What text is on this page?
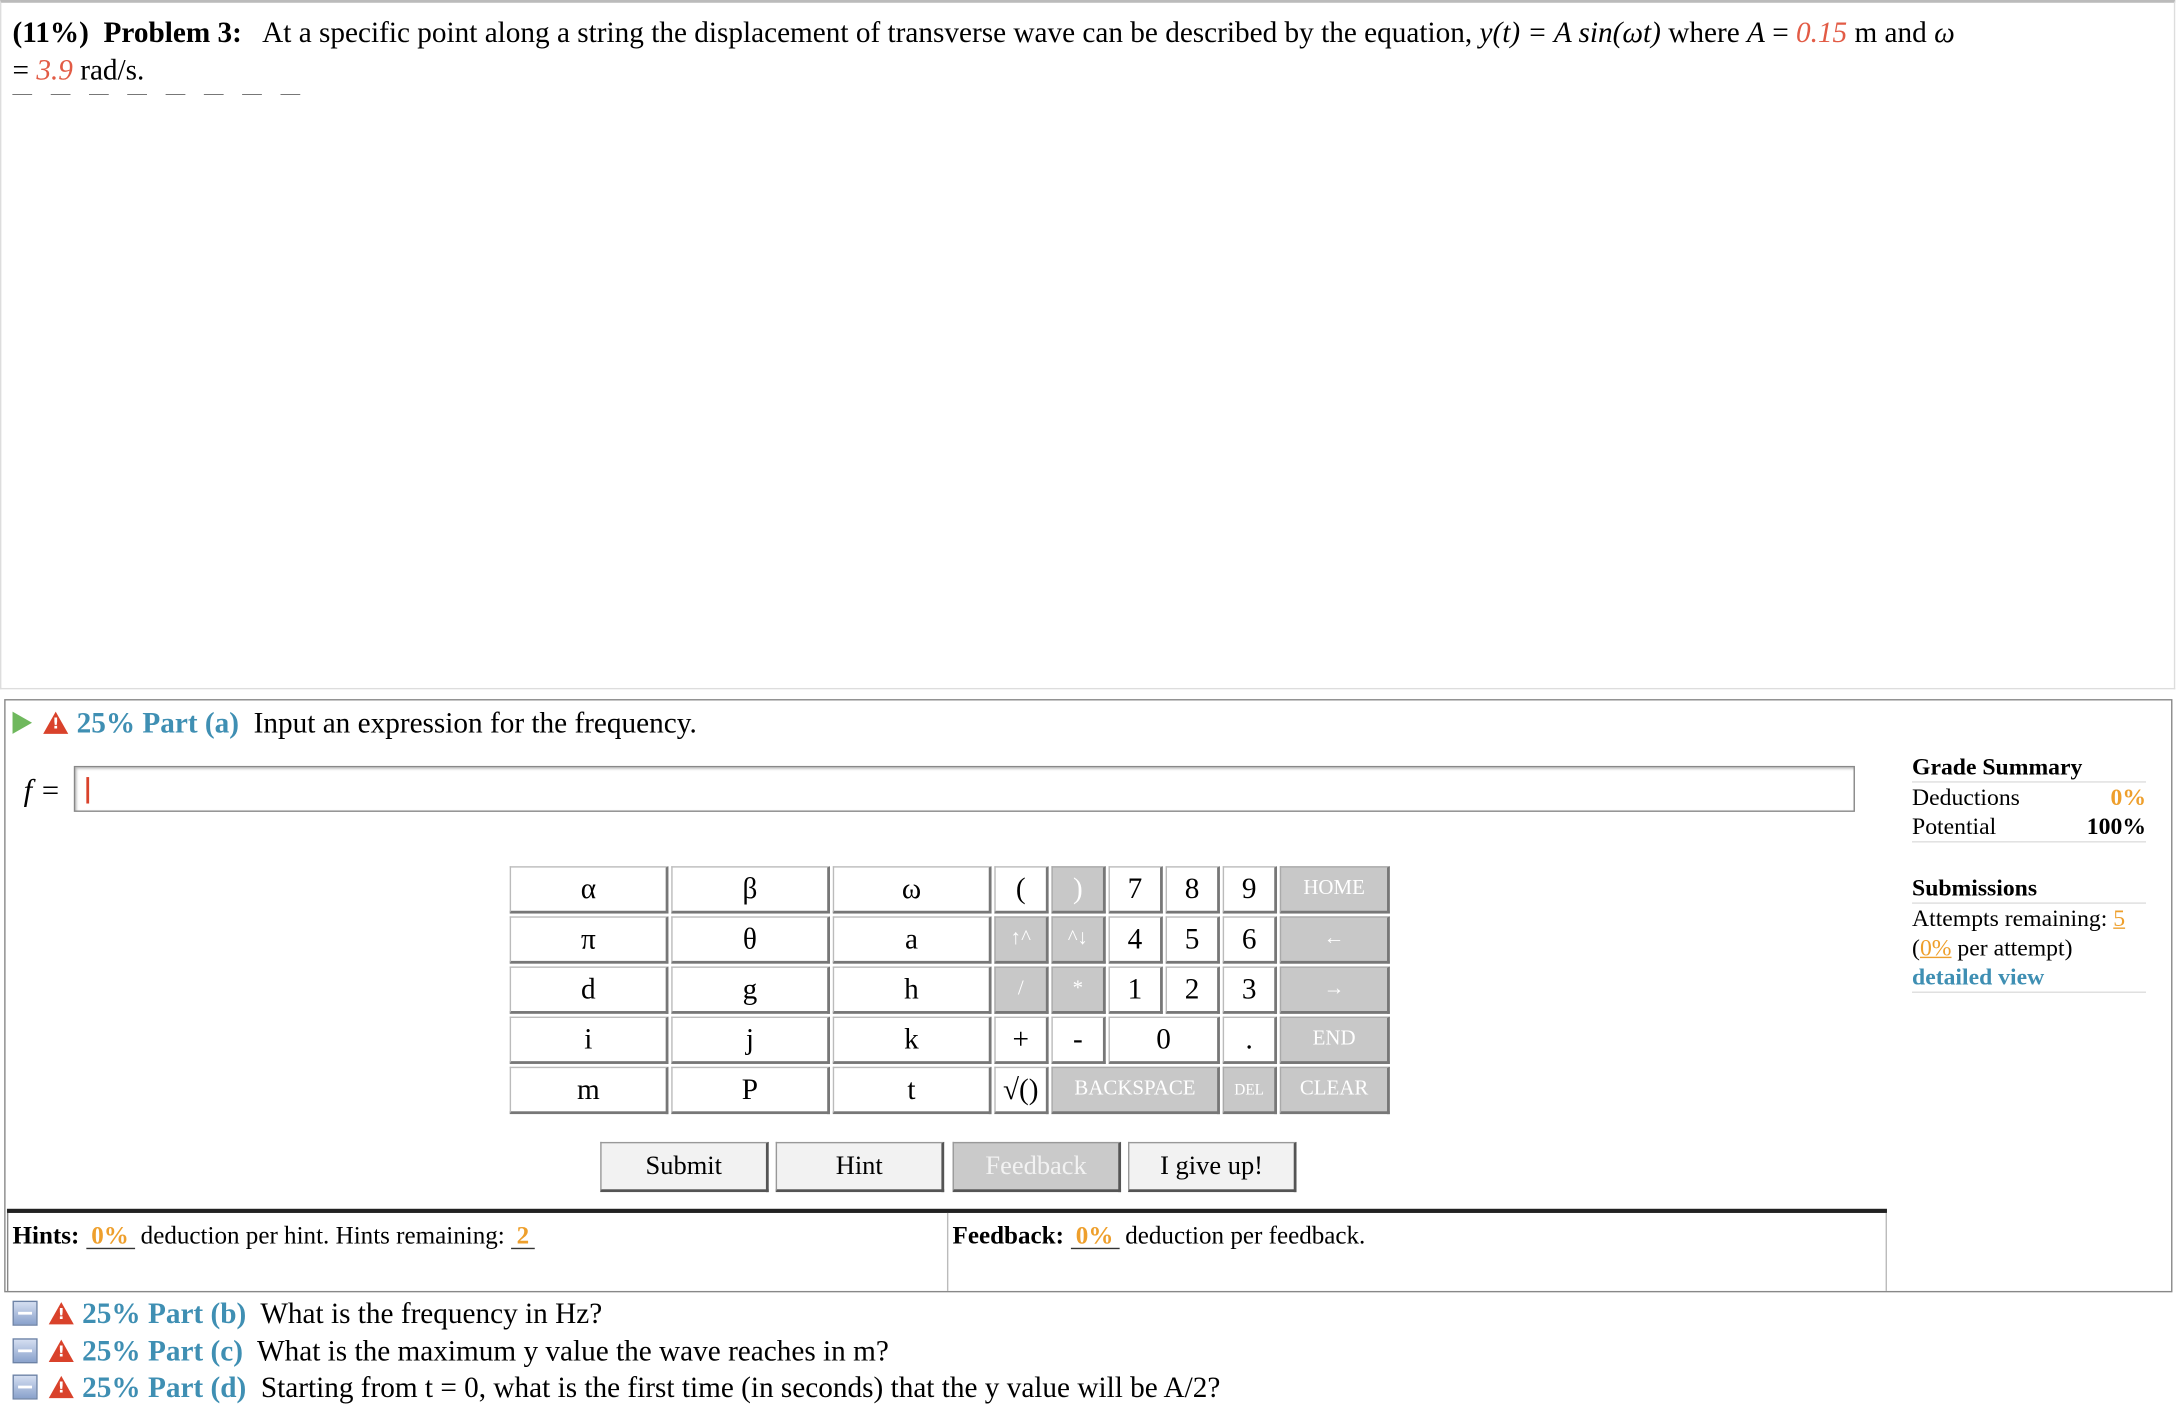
(11%) Problem 3: At a specific point along a string the displacement of transverse wave can be described by the equation, y(t) = A sin(ωt) where A = 0.15 m and ω
= 3.9 rad/s.
— — — — — — — —
!25% Part (a) Input an expression for the frequency.
f =
α	β	ω	(	)	7	8	9	HOME
π	θ	a	↑^	^↓	4	5	6	←
d	g	h	/	*	1	2	3	→
i	j	k	+	-	0		.	END
m	P	t	√()	BACKSPACE			DEL	CLEAR
Submit	Hint	Feedback	I give up!
Hints: 0% deduction per hint. Hints remaining: 2	Feedback: 0% deduction per feedback.
Grade Summary
Deductions	0%
Potential	100%
Submissions
Attempts remaining: 5
(0% per attempt)
detailed view
!25% Part (b) What is the frequency in Hz?
!25% Part (c) What is the maximum y value the wave reaches in m?
!25% Part (d) Starting from t = 0, what is the first time (in seconds) that the y value will be A/2?
